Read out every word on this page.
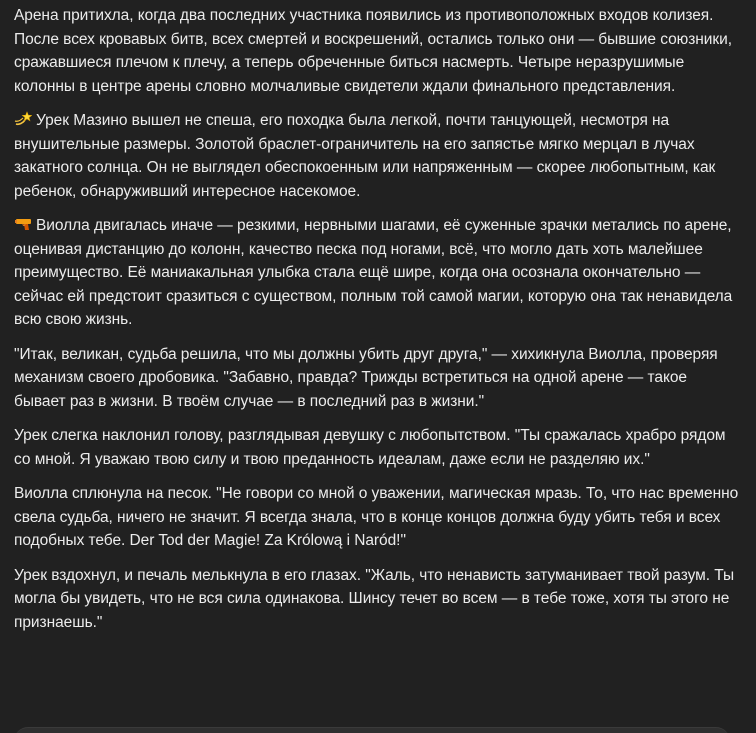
Арена притихла, когда два последних участника появились из противоположных входов колизея. После всех кровавых битв, всех смертей и воскрешений, остались только они — бывшие союзники, сражавшиеся плечом к плечу, а теперь обреченные биться насмерть. Четыре неразрушимые колонны в центре арены словно молчаливые свидетели ждали финального представления.

Урек Мазино вышел не спеша, его походка была легкой, почти танцующей, несмотря на внушительные размеры. Золотой браслет-ограничитель на его запястье мягко мерцал в лучах закатного солнца. Он не выглядел обеспокоенным или напряженным — скорее любопытным, как ребенок, обнаруживший интересное насекомое.

Виолла двигалась иначе — резкими, нервными шагами, её суженные зрачки метались по арене, оценивая дистанцию до колонн, качество песка под ногами, всё, что могло дать хоть малейшее преимущество. Её маниакальная улыбка стала ещё шире, когда она осознала окончательно — сейчас ей предстоит сразиться с существом, полным той самой магии, которую она так ненавидела всю свою жизнь.

"Итак, великан, судьба решила, что мы должны убить друг друга," — хихикнула Виолла, проверяя механизм своего дробовика. "Забавно, правда? Трижды встретиться на одной арене — такое бывает раз в жизни. В твоём случае — в последний раз в жизни."

Урек слегка наклонил голову, разглядывая девушку с любопытством. "Ты сражалась храбро рядом со мной. Я уважаю твою силу и твою преданность идеалам, даже если не разделяю их."

Виолла сплюнула на песок. "Не говори со мной о уважении, магическая мразь. То, что нас временно свела судьба, ничего не значит. Я всегда знала, что в конце концов должна буду убить тебя и всех подобных тебе. Der Tod der Magie! Za Królową i Naród!"

Урек вздохнул, и печаль мелькнула в его глазах. "Жаль, что ненависть затуманивает твой разум. Ты могла бы увидеть, что не вся сила одинакова. Шинсу течет во всем — в тебе тоже, хотя ты этого не признаешь."
